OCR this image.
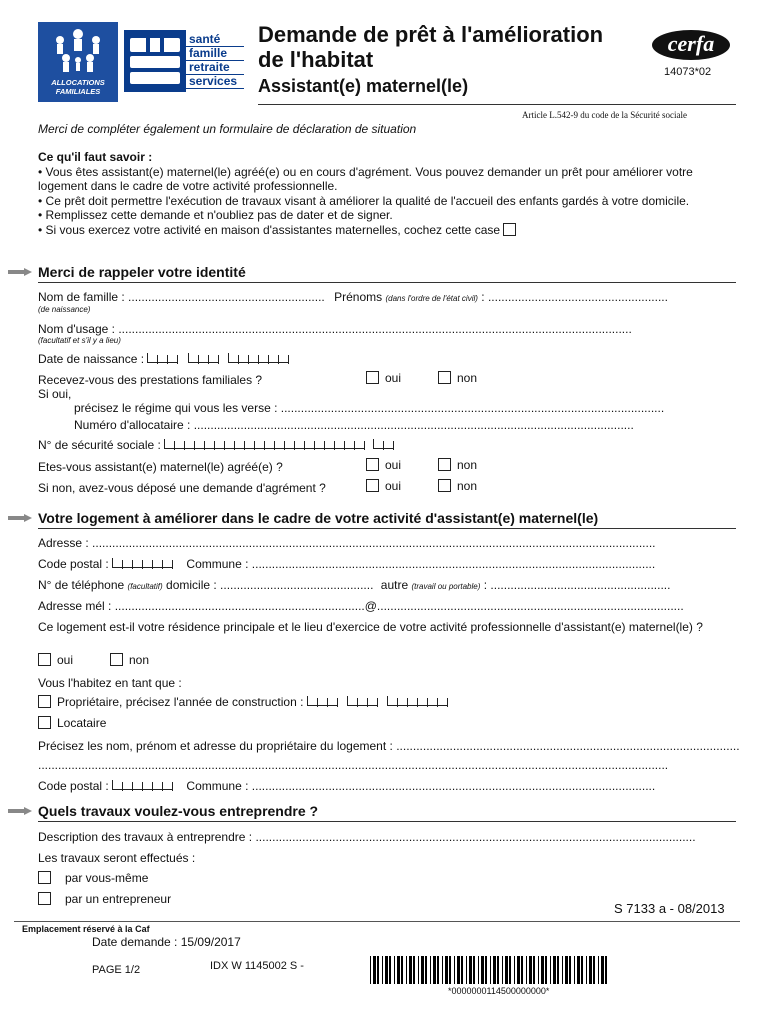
ALLOCATIONS
FAMILIALES
santé
famille
retraite
services
Demande de prêt à l'amélioration
de l'habitat
Assistant(e) maternel(le)
cerfa
14073*02
Article L.542-9 du code de la Sécurité sociale
Merci de compléter également un formulaire de déclaration de situation
Ce qu'il faut savoir :
• Vous êtes assistant(e) maternel(le) agréé(e) ou en cours d'agrément. Vous pouvez demander un prêt pour améliorer votre logement dans le cadre de votre activité professionnelle.
• Ce prêt doit permettre l'exécution de travaux visant à améliorer la qualité de l'accueil des enfants gardés à votre domicile.
• Remplissez cette demande et n'oubliez pas de dater et de signer.
• Si vous exercez votre activité en maison d'assistantes maternelles, cochez cette case
Merci de rappeler votre identité
Nom de famille : ........................................................... Prénoms (dans l'ordre de l'état civil) : ......................................................
(de naissance)
Nom d'usage : ..........................................................................................................................................................
(facultatif et s'il y a lieu)
Date de naissance :
Recevez-vous des prestations familiales ?	oui	non
Si oui,
précisez le régime qui vous les verse : ...................................................................................................................
Numéro d'allocataire : ....................................................................................................................................
N° de sécurité sociale :
Etes-vous assistant(e) maternel(le) agréé(e) ?	oui	non
Si non, avez-vous déposé une demande d'agrément ?	oui	non
Votre logement à améliorer dans le cadre de votre activité d'assistant(e) maternel(le)
Adresse : .........................................................................................................................................................................
Code postal :	Commune : .........................................................................................................................
N° de téléphone (facultatif) domicile : .............................................. autre (travail ou portable) : ......................................................
Adresse mél : ...........................................................................@............................................................................................
Ce logement est-il votre résidence principale et le lieu d'exercice de votre activité professionnelle d'assistant(e) maternel(le) ?
oui	non
Vous l'habitez en tant que :
Propriétaire, précisez l'année de construction :
Locataire
Précisez les nom, prénom et adresse du propriétaire du logement : .......................................................................................................
.............................................................................................................................................................................................
Code postal :	Commune : .........................................................................................................................
Quels travaux voulez-vous entreprendre ?
Description des travaux à entreprendre : ....................................................................................................................................
Les travaux seront effectués :
par vous-même
par un entrepreneur
S 7133 a - 08/2013
Emplacement réservé à la Caf
Date demande : 15/09/2017
PAGE 1/2	IDX W 1145002 S -
*0000000114500000000*
